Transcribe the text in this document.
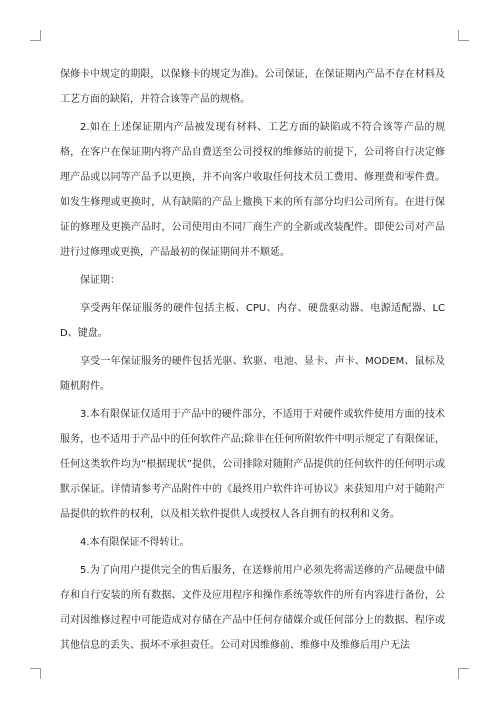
保修卡中规定的期限，以保修卡的规定为准)。公司保证，在保证期内产品不存在材料及工艺方面的缺陷，并符合该等产品的规格。

2.如在上述保证期内产品被发现有材料、工艺方面的缺陷或不符合该等产品的规格，在客户在保证期内将产品自费送至公司授权的维修站的前提下，公司将自行决定修理产品或以同等产品予以更换，并不向客户收取任何技术员工费用、修理费和零件费。如发生修理或更换时，从有缺陷的产品上撤换下来的所有部分均归公司所有。在进行保证的修理及更换产品时，公司使用由不同厂商生产的全新或改装配件。即使公司对产品进行过修理或更换，产品最初的保证期间并不顺延。

保证期：

享受两年保证服务的硬件包括主板、CPU、内存、硬盘驱动器、电源适配器、LCD、键盘。

享受一年保证服务的硬件包括光驱、软驱、电池、显卡、声卡、MODEM、鼠标及随机附件。

3.本有限保证仅适用于产品中的硬件部分，不适用于对硬件或软件使用方面的技术服务，也不适用于产品中的任何软件产品;除非在任何所附软件中明示规定了有限保证，任何这类软件均为“根据现状”提供，公司排除对随附产品提供的任何软件的任何明示或默示保证。详情请参考产品附件中的《最终用户软件许可协议》来获知用户对于随附产品提供的软件的权利，以及相关软件提供人或授权人各自拥有的权利和义务。

4.本有限保证不得转让。

5.为了向用户提供完全的售后服务，在送修前用户必须先将需送修的产品硬盘中储存和自行安装的所有数据、文件及应用程序和操作系统等软件的所有内容进行备份，公司对因维修过程中可能造成对存储在产品中任何存储媒介或任何部分上的数据、程序或其他信息的丢失、损坏不承担责任。公司对因维修前、维修中及维修后用户无法
